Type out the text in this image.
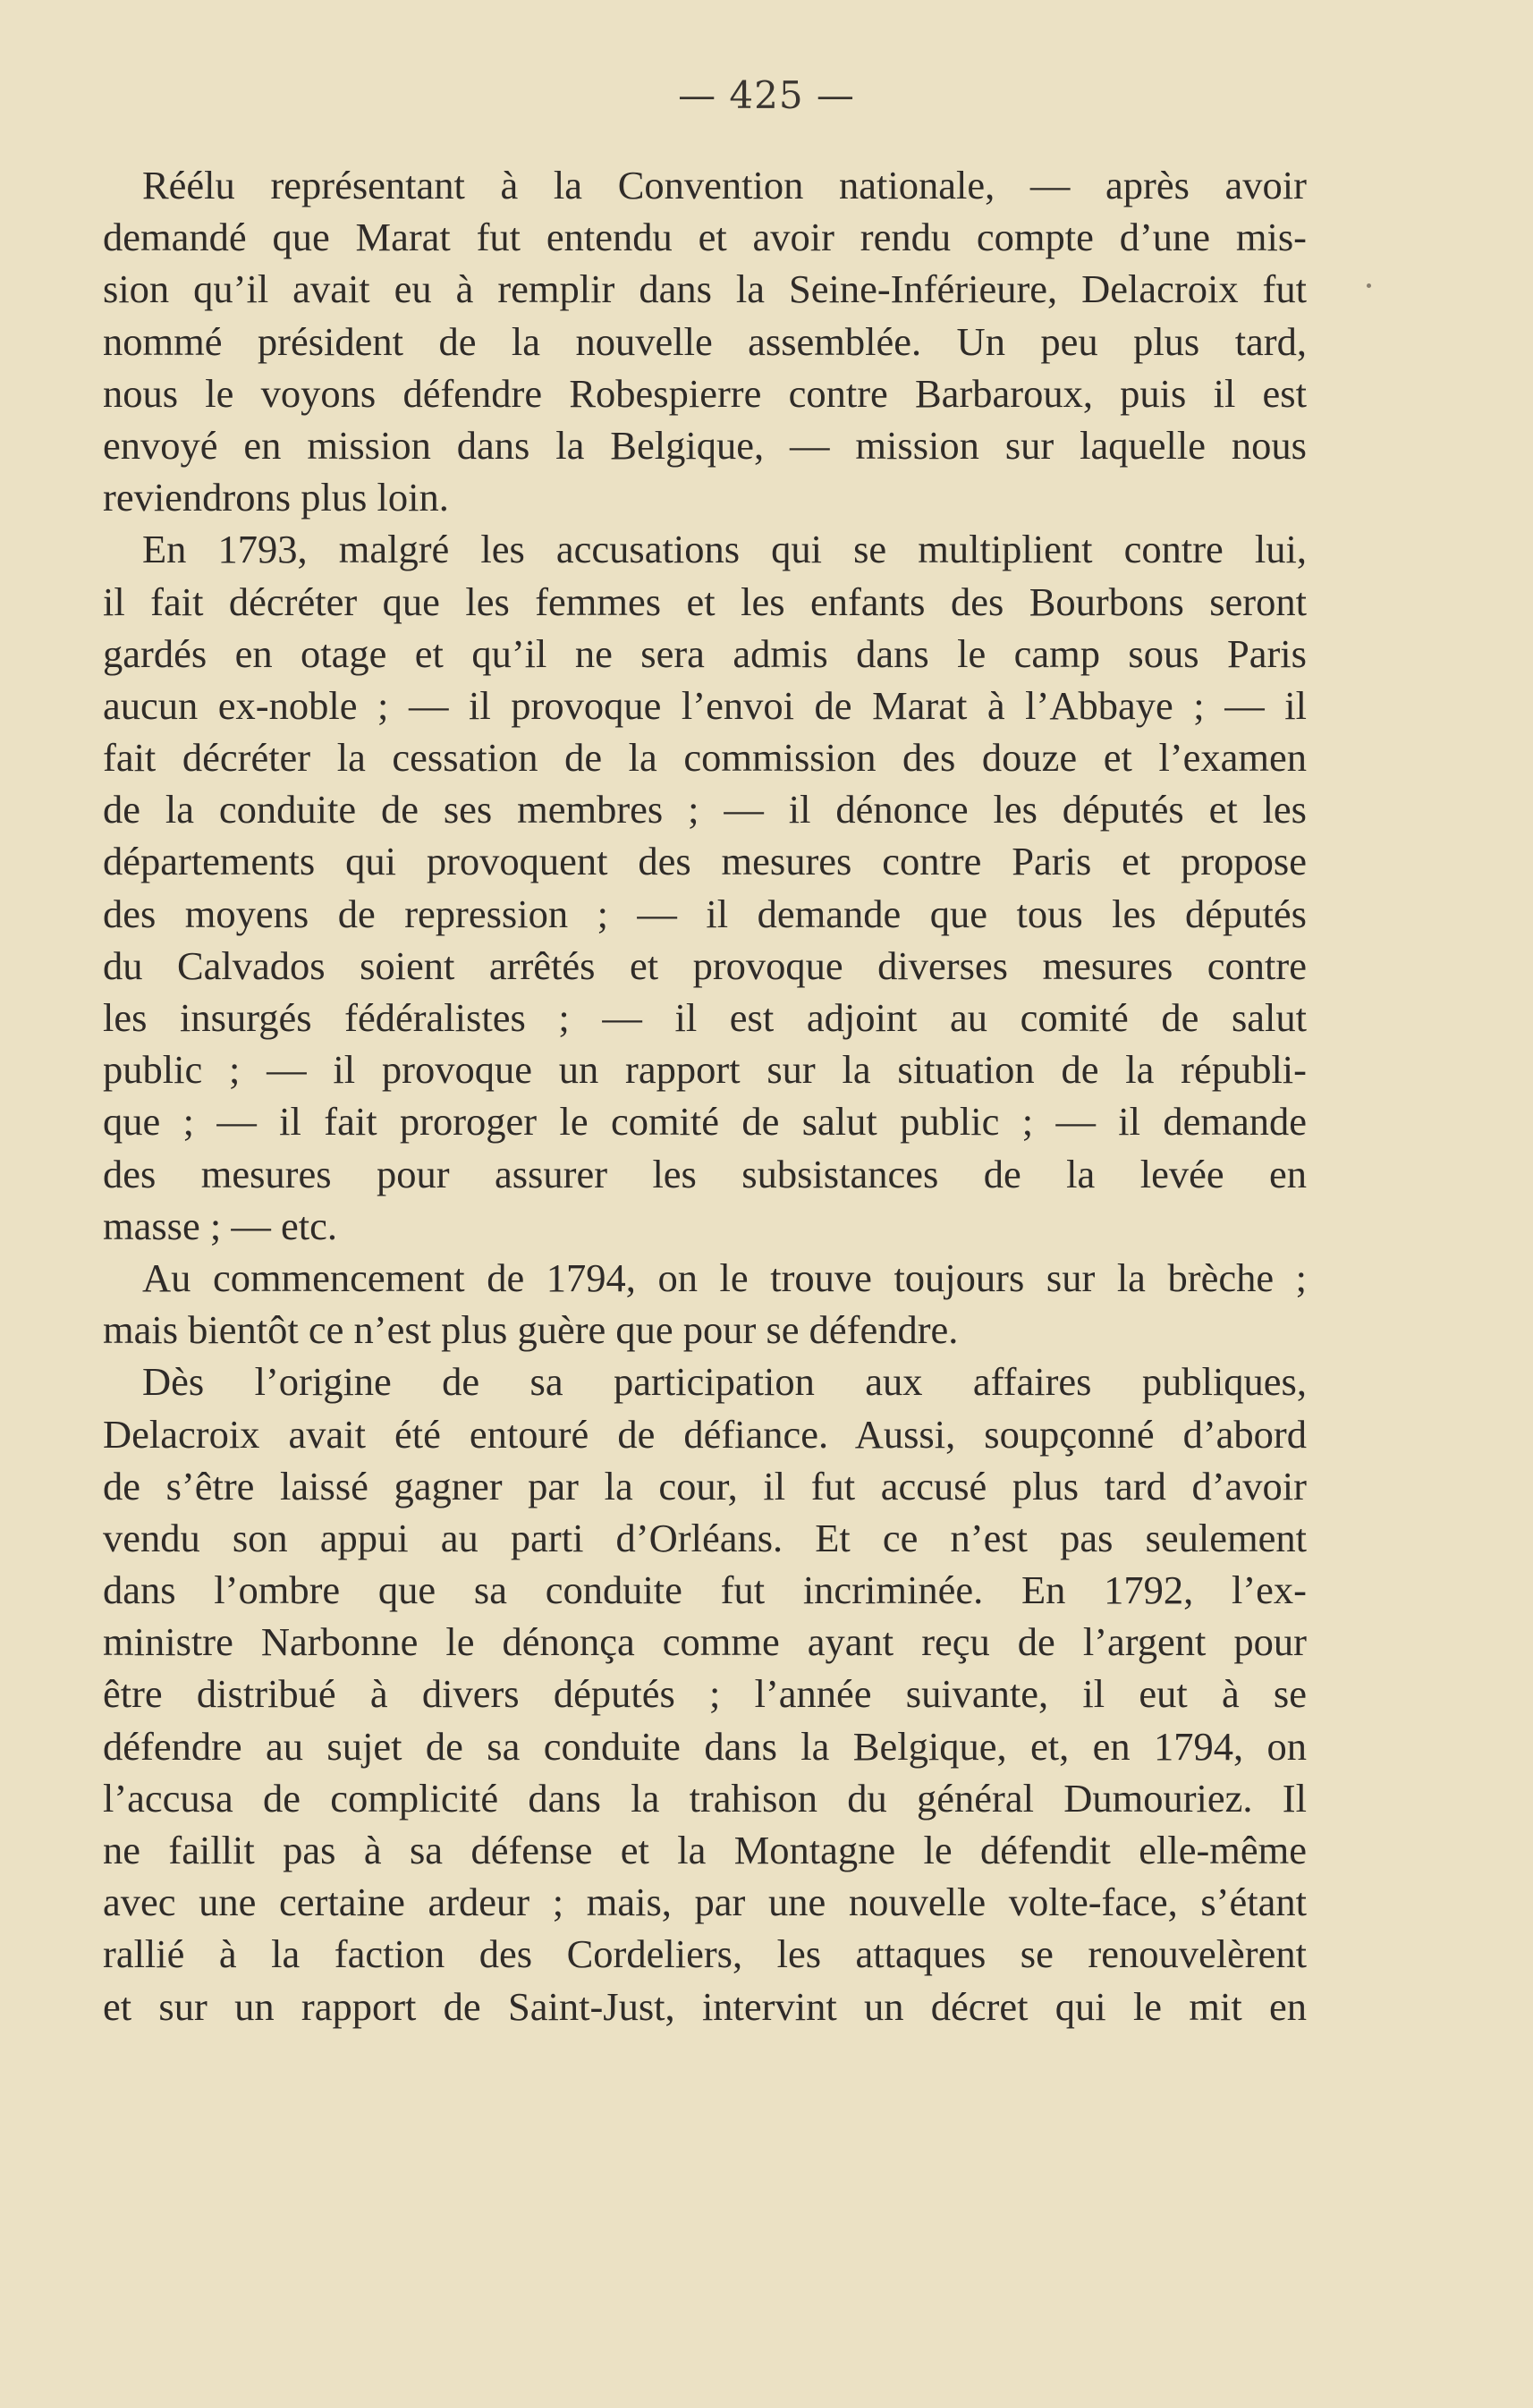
— 425 —
Réélu représentant à la Convention nationale, — après avoir
demandé que Marat fut entendu et avoir rendu compte d’une mis-
sion qu’il avait eu à remplir dans la Seine-Inférieure, Delacroix fut
nommé président de la nouvelle assemblée. Un peu plus tard,
nous le voyons défendre Robespierre contre Barbaroux, puis il est
envoyé en mission dans la Belgique, — mission sur laquelle nous
reviendrons plus loin.
En 1793, malgré les accusations qui se multiplient contre lui,
il fait décréter que les femmes et les enfants des Bourbons seront
gardés en otage et qu’il ne sera admis dans le camp sous Paris
aucun ex-noble ; — il provoque l’envoi de Marat à l’Abbaye ; — il
fait décréter la cessation de la commission des douze et l’examen
de la conduite de ses membres ; — il dénonce les députés et les
départements qui provoquent des mesures contre Paris et propose
des moyens de repression ; — il demande que tous les députés
du Calvados soient arrêtés et provoque diverses mesures contre
les insurgés fédéralistes ; — il est adjoint au comité de salut
public ; — il provoque un rapport sur la situation de la républi-
que ; — il fait proroger le comité de salut public ; — il demande
des mesures pour assurer les subsistances de la levée en
masse ; — etc.
Au commencement de 1794, on le trouve toujours sur la brèche ;
mais bientôt ce n’est plus guère que pour se défendre.
Dès l’origine de sa participation aux affaires publiques,
Delacroix avait été entouré de défiance. Aussi, soupçonné d’abord
de s’être laissé gagner par la cour, il fut accusé plus tard d’avoir
vendu son appui au parti d’Orléans. Et ce n’est pas seulement
dans l’ombre que sa conduite fut incriminée. En 1792, l’ex-
ministre Narbonne le dénonça comme ayant reçu de l’argent pour
être distribué à divers députés ; l’année suivante, il eut à se
défendre au sujet de sa conduite dans la Belgique, et, en 1794, on
l’accusa de complicité dans la trahison du général Dumouriez. Il
ne faillit pas à sa défense et la Montagne le défendit elle-même
avec une certaine ardeur ; mais, par une nouvelle volte-face, s’étant
rallié à la faction des Cordeliers, les attaques se renouvelèrent
et sur un rapport de Saint-Just, intervint un décret qui le mit en
